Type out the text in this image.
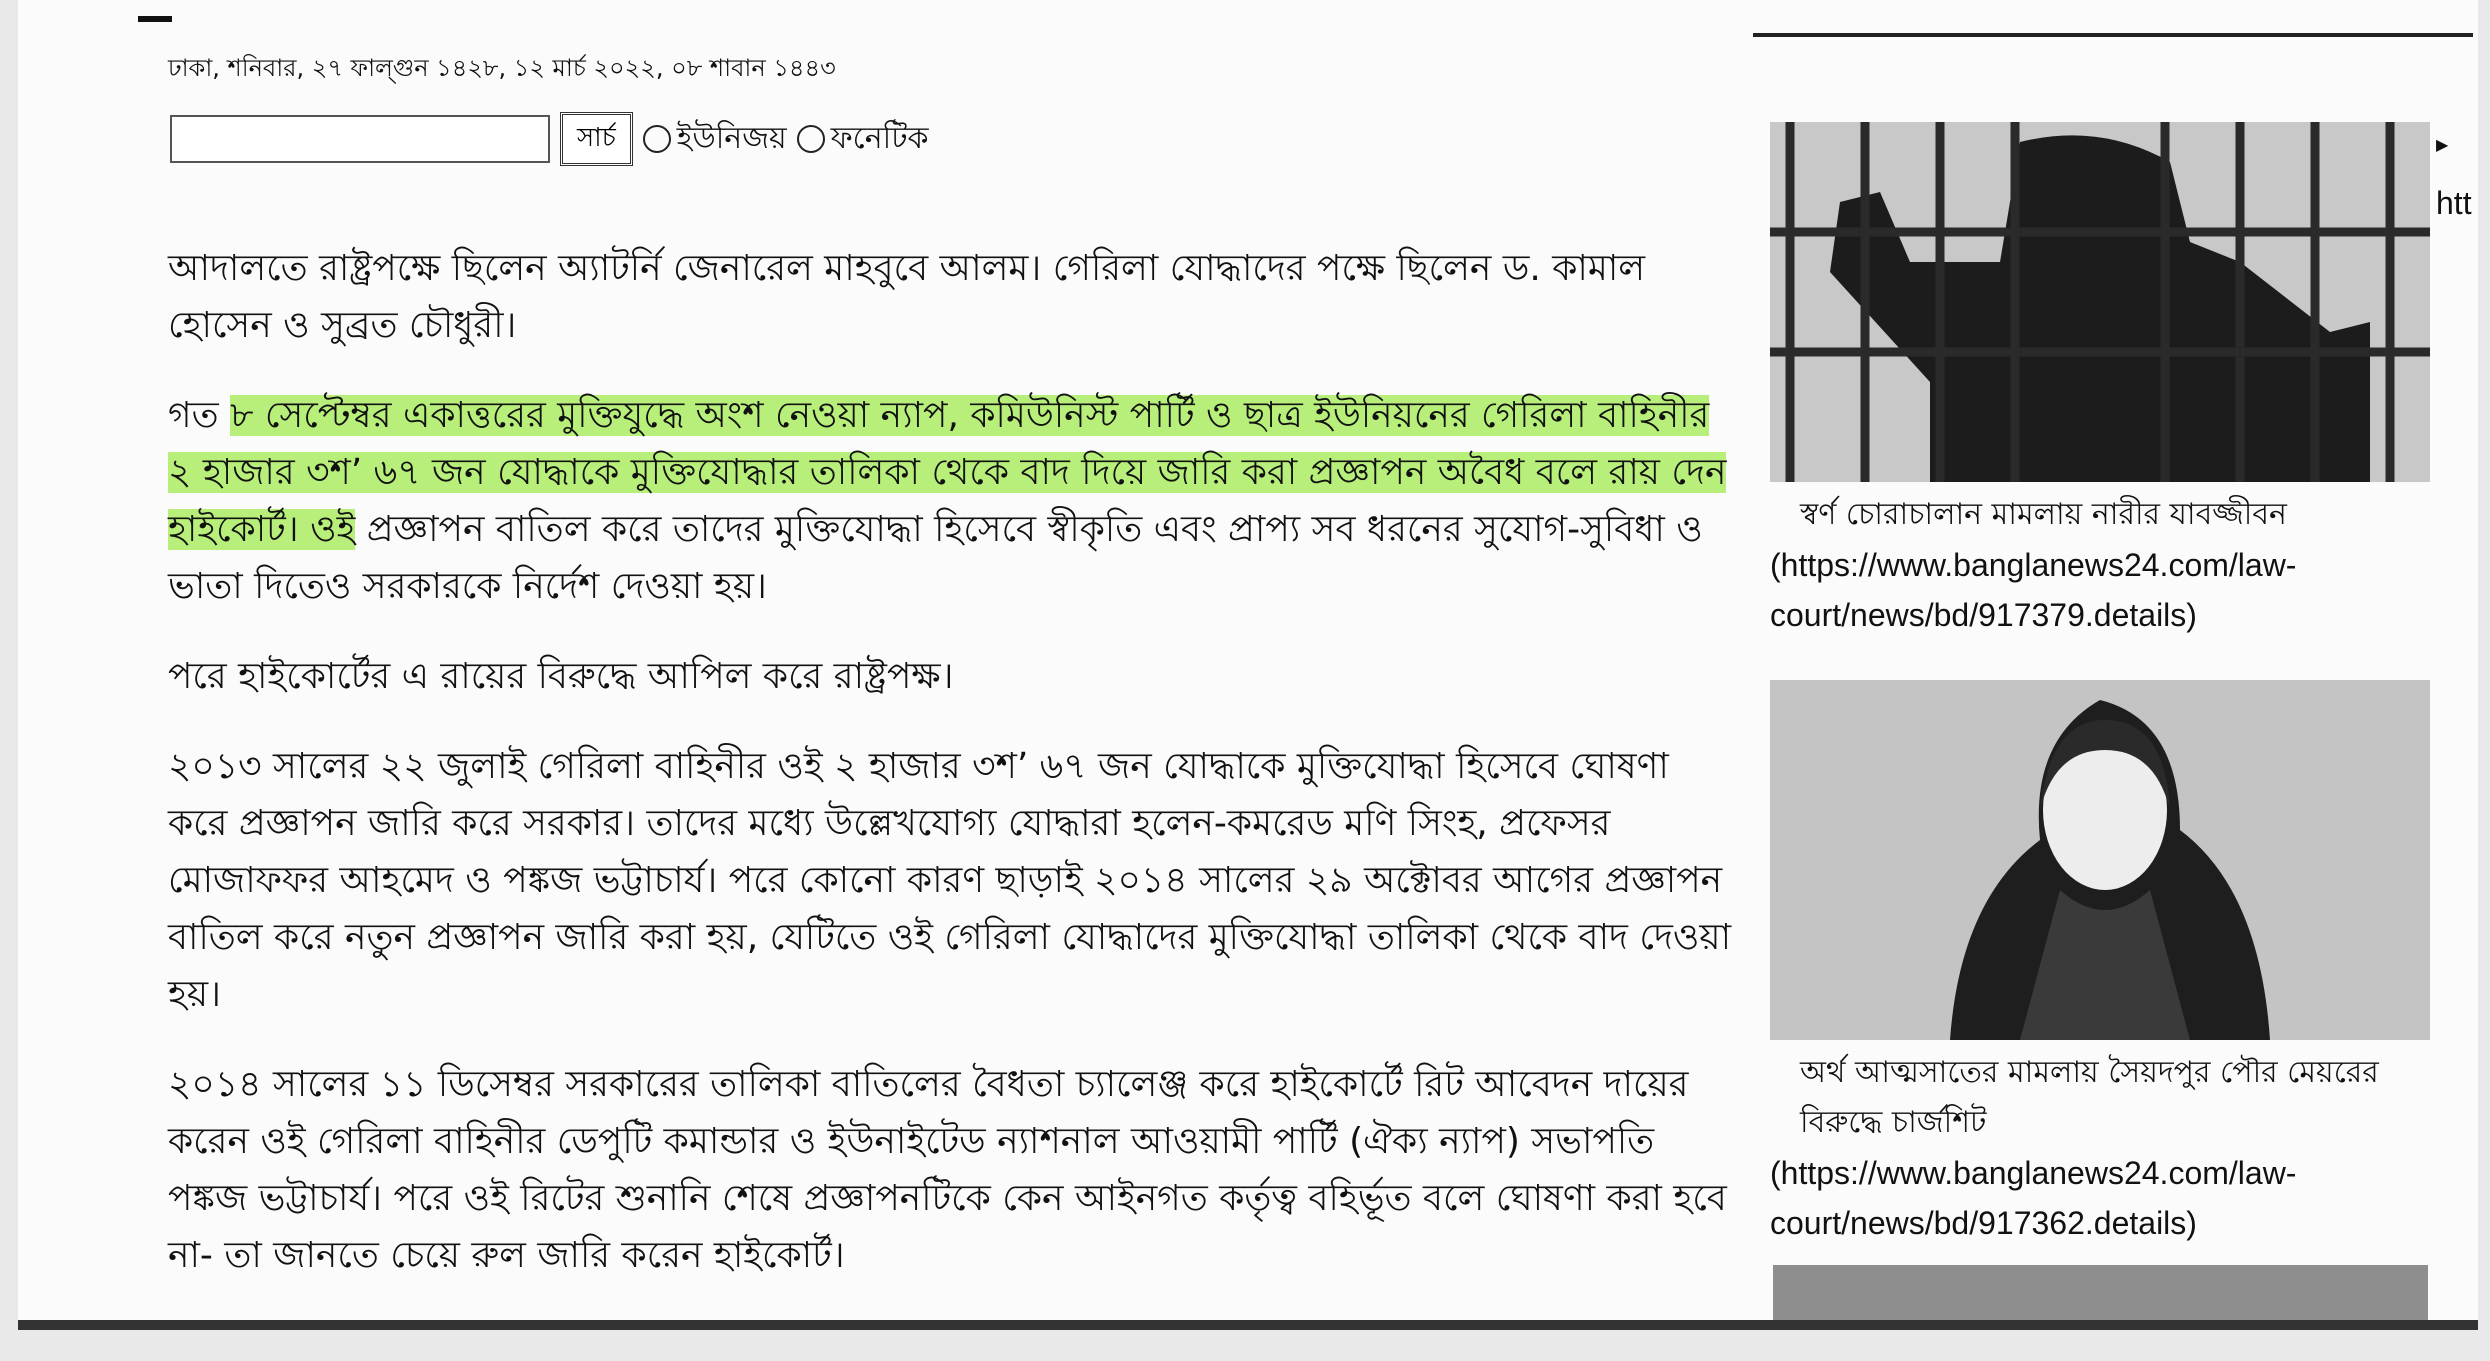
ঢাকা, শনিবার, ২৭ ফাল্গুন ১৪২৮, ১২ মার্চ ২০২২, ০৮ শাবান ১৪৪৩
সার্চ	ইউনিজয় ফনেটিক

আদালতে রাষ্ট্রপক্ষে ছিলেন অ্যাটর্নি জেনারেল মাহবুবে আলম। গেরিলা যোদ্ধাদের পক্ষে ছিলেন ড. কামাল হোসেন ও সুব্রত চৌধুরী।

গত ৮ সেপ্টেম্বর একাত্তরের মুক্তিযুদ্ধে অংশ নেওয়া ন্যাপ, কমিউনিস্ট পার্টি ও ছাত্র ইউনিয়নের গেরিলা বাহিনীর ২ হাজার ৩শ’ ৬৭ জন যোদ্ধাকে মুক্তিযোদ্ধার তালিকা থেকে বাদ দিয়ে জারি করা প্রজ্ঞাপন অবৈধ বলে রায় দেন হাইকোর্ট। ওই প্রজ্ঞাপন বাতিল করে তাদের মুক্তিযোদ্ধা হিসেবে স্বীকৃতি এবং প্রাপ্য সব ধরনের সুযোগ-সুবিধা ও ভাতা দিতেও সরকারকে নির্দেশ দেওয়া হয়।

পরে হাইকোর্টের এ রায়ের বিরুদ্ধে আপিল করে রাষ্ট্রপক্ষ।

২০১৩ সালের ২২ জুলাই গেরিলা বাহিনীর ওই ২ হাজার ৩শ’ ৬৭ জন যোদ্ধাকে মুক্তিযোদ্ধা হিসেবে ঘোষণা করে প্রজ্ঞাপন জারি করে সরকার। তাদের মধ্যে উল্লেখযোগ্য যোদ্ধারা হলেন-কমরেড মণি সিংহ, প্রফেসর মোজাফফর আহমেদ ও পঙ্কজ ভট্টাচার্য। পরে কোনো কারণ ছাড়াই ২০১৪ সালের ২৯ অক্টোবর আগের প্রজ্ঞাপন বাতিল করে নতুন প্রজ্ঞাপন জারি করা হয়, যেটিতে ওই গেরিলা যোদ্ধাদের মুক্তিযোদ্ধা তালিকা থেকে বাদ দেওয়া হয়।

২০১৪ সালের ১১ ডিসেম্বর সরকারের তালিকা বাতিলের বৈধতা চ্যালেঞ্জ করে হাইকোর্টে রিট আবেদন দায়ের করেন ওই গেরিলা বাহিনীর ডেপুটি কমান্ডার ও ইউনাইটেড ন্যাশনাল আওয়ামী পার্টি (ঐক্য ন্যাপ) সভাপতি পঙ্কজ ভট্টাচার্য। পরে ওই রিটের শুনানি শেষে প্রজ্ঞাপনটিকে কেন আইনগত কর্তৃত্ব বহির্ভূত বলে ঘোষণা করা হবে না- তা জানতে চেয়ে রুল জারি করেন হাইকোর্ট।

স্বর্ণ চোরাচালান মামলায় নারীর যাবজ্জীবন
(https://www.banglanews24.com/law-court/news/bd/917379.details)
অর্থ আত্মসাতের মামলায় সৈয়দপুর পৌর মেয়রের বিরুদ্ধে চার্জশিট
(https://www.banglanews24.com/law-court/news/bd/917362.details)
▶
htt
